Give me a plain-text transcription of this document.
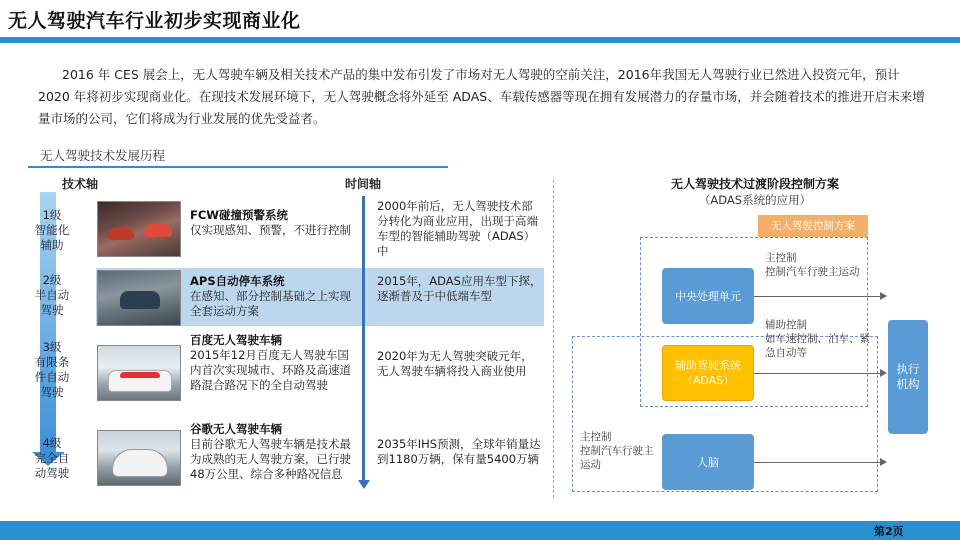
无人驾驶汽车行业初步实现商业化
2016 年 CES 展会上，无人驾驶车辆及相关技术产品的集中发布引发了市场对无人驾驶的空前关注，2016年我国无人驾驶行业已然进入投资元年，预计2020 年将初步实现商业化。在现技术发展环境下，无人驾驶概念将外延至 ADAS、车载传感器等现在拥有发展潜力的存量市场，并会随着技术的推进开启未来增量市场的公司，它们将成为行业发展的优先受益者。
无人驾驶技术发展历程
技术轴	时间轴
1级
智能化
辅助
2级
半自动
驾驶
3级
有限条
件自动
驾驶
4级
完全自
动驾驶
FCW碰撞预警系统
仅实现感知、预警，不进行控制
2000年前后，无人驾驶技术部分转化为商业应用，出现于高端车型的智能辅助驾驶（ADAS）中
APS自动停车系统
在感知、部分控制基础之上实现全套运动方案
2015年，ADAS应用车型下探，逐渐普及于中低端车型
百度无人驾驶车辆
2015年12月百度无人驾驶车国内首次实现城市、环路及高速道路混合路况下的全自动驾驶
2020年为无人驾驶突破元年，无人驾驶车辆将投入商业使用
谷歌无人驾驶车辆
目前谷歌无人驾驶车辆是技术最为成熟的无人驾驶方案，已行驶48万公里、综合多种路况信息
2035年IHS预测，全球年销量达到1180万辆，保有量5400万辆
无人驾驶技术过渡阶段控制方案
（ADAS系统的应用）
无人驾驶控制方案
中央处理单元
辅助驾驶系统
（ADAS）
人脑
执行
机构
主控制
控制汽车行驶主运动
辅助控制
如车速控制、泊车、紧急自动等
主控制
控制汽车行驶主运动
第2页
